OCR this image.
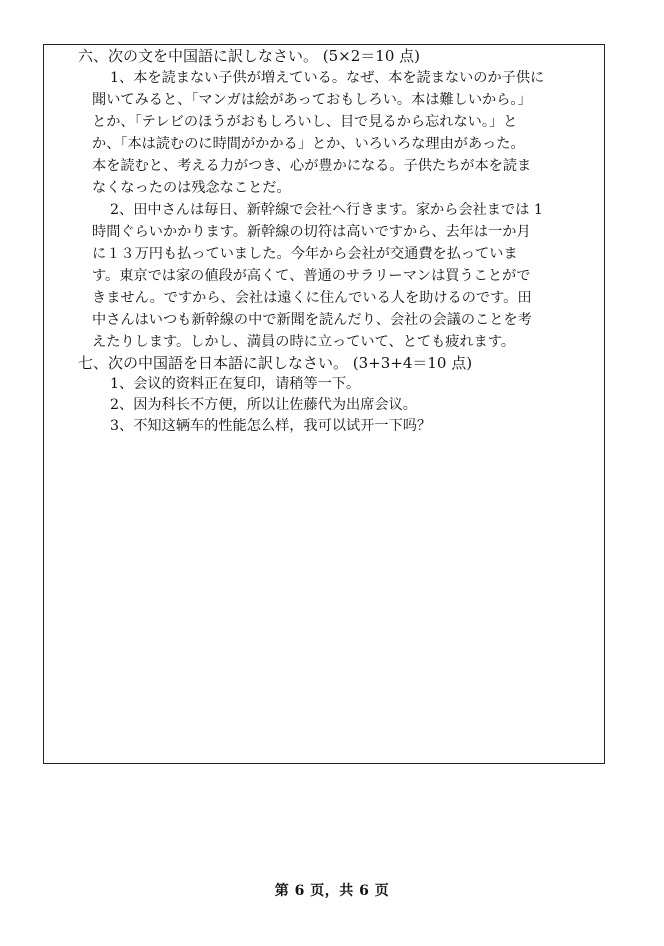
六、次の文を中国語に訳しなさい。 (5×2＝10 点)
1、本を読まない子供が増えている。なぜ、本を読まないのか子供に
聞いてみると、「マンガは絵があっておもしろい。本は難しいから。」
とか、「テレビのほうがおもしろいし、目で見るから忘れない。」と
か、「本は読むのに時間がかかる」とか、いろいろな理由があった。
本を読むと、考える力がつき、心が豊かになる。子供たちが本を読ま
なくなったのは残念なことだ。
2、田中さんは毎日、新幹線で会社へ行きます。家から会社までは 1
時間ぐらいかかります。新幹線の切符は高いですから、去年は一か月
に１３万円も払っていました。今年から会社が交通費を払っていま
す。東京では家の値段が高くて、普通のサラリーマンは買うことがで
きません。ですから、会社は遠くに住んでいる人を助けるのです。田
中さんはいつも新幹線の中で新聞を読んだり、会社の会議のことを考
えたりします。しかし、満員の時に立っていて、とても疲れます。
七、次の中国語を日本語に訳しなさい。 (3+3+4＝10 点)
1、会议的资料正在复印，请稍等一下。
2、因为科长不方便，所以让佐藤代为出席会议。
3、不知这辆车的性能怎么样，我可以试开一下吗？
第 6 页，共 6 页
